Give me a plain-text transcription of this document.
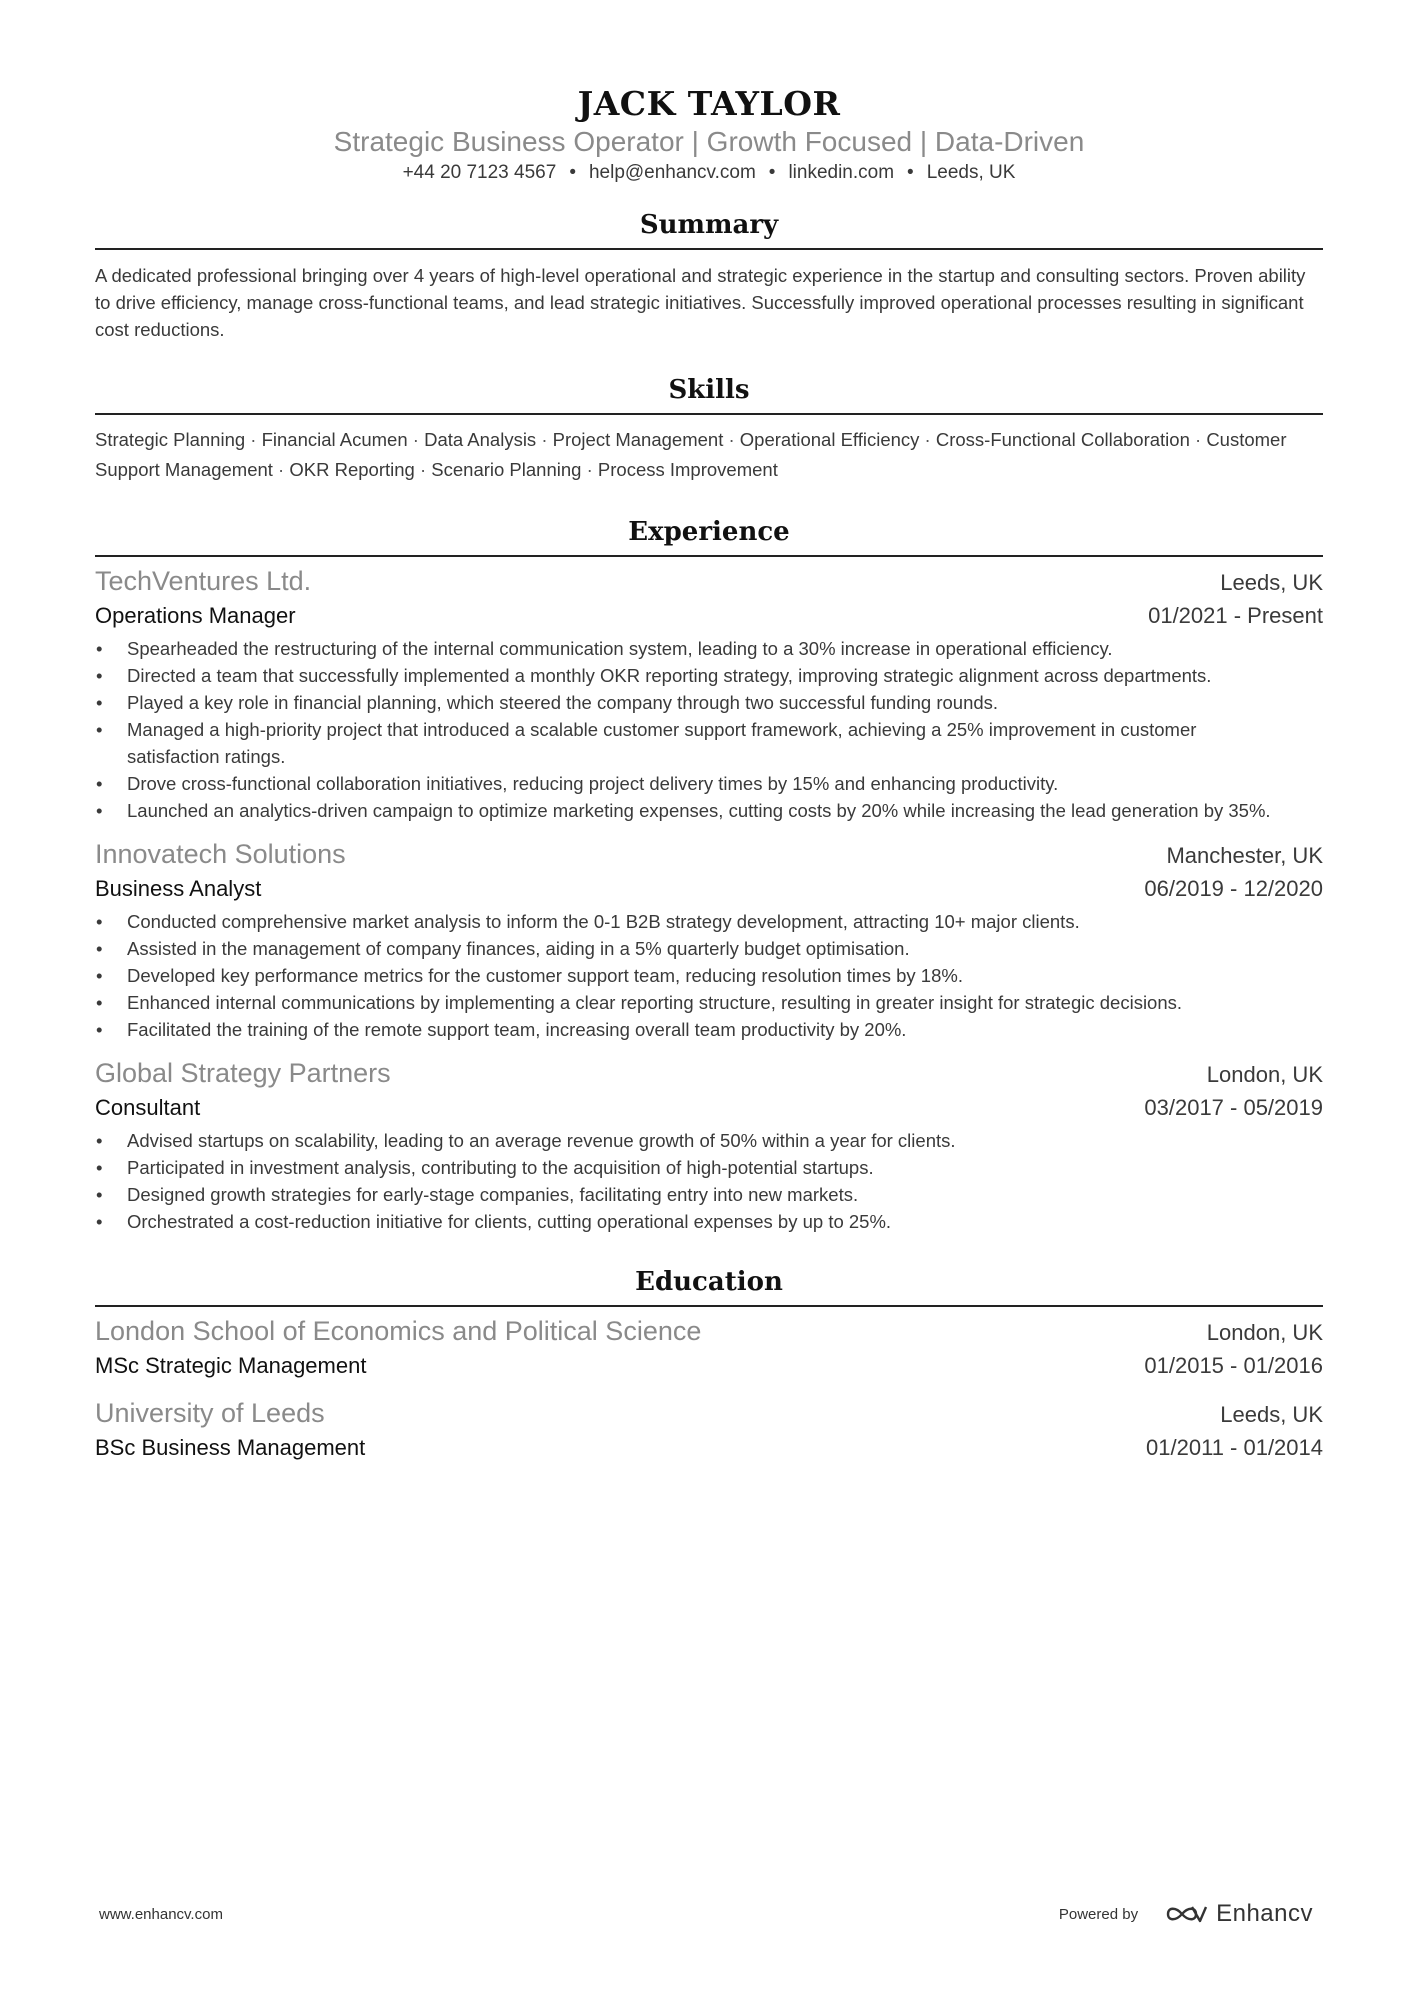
JACK TAYLOR
Strategic Business Operator | Growth Focused | Data-Driven
+44 20 7123 4567 • help@enhancv.com • linkedin.com • Leeds, UK
Summary
A dedicated professional bringing over 4 years of high-level operational and strategic experience in the startup and consulting sectors. Proven ability to drive efficiency, manage cross-functional teams, and lead strategic initiatives. Successfully improved operational processes resulting in significant cost reductions.
Skills
Strategic Planning · Financial Acumen · Data Analysis · Project Management · Operational Efficiency · Cross-Functional Collaboration · Customer Support Management · OKR Reporting · Scenario Planning · Process Improvement
Experience
TechVentures Ltd.	Leeds, UK
Operations Manager	01/2021 - Present
• Spearheaded the restructuring of the internal communication system, leading to a 30% increase in operational efficiency.
• Directed a team that successfully implemented a monthly OKR reporting strategy, improving strategic alignment across departments.
• Played a key role in financial planning, which steered the company through two successful funding rounds.
• Managed a high-priority project that introduced a scalable customer support framework, achieving a 25% improvement in customer satisfaction ratings.
• Drove cross-functional collaboration initiatives, reducing project delivery times by 15% and enhancing productivity.
• Launched an analytics-driven campaign to optimize marketing expenses, cutting costs by 20% while increasing the lead generation by 35%.
Innovatech Solutions	Manchester, UK
Business Analyst	06/2019 - 12/2020
• Conducted comprehensive market analysis to inform the 0-1 B2B strategy development, attracting 10+ major clients.
• Assisted in the management of company finances, aiding in a 5% quarterly budget optimisation.
• Developed key performance metrics for the customer support team, reducing resolution times by 18%.
• Enhanced internal communications by implementing a clear reporting structure, resulting in greater insight for strategic decisions.
• Facilitated the training of the remote support team, increasing overall team productivity by 20%.
Global Strategy Partners	London, UK
Consultant	03/2017 - 05/2019
• Advised startups on scalability, leading to an average revenue growth of 50% within a year for clients.
• Participated in investment analysis, contributing to the acquisition of high-potential startups.
• Designed growth strategies for early-stage companies, facilitating entry into new markets.
• Orchestrated a cost-reduction initiative for clients, cutting operational expenses by up to 25%.
Education
London School of Economics and Political Science	London, UK
MSc Strategic Management	01/2015 - 01/2016
University of Leeds	Leeds, UK
BSc Business Management	01/2011 - 01/2014
www.enhancv.com	Powered by	Enhancv
